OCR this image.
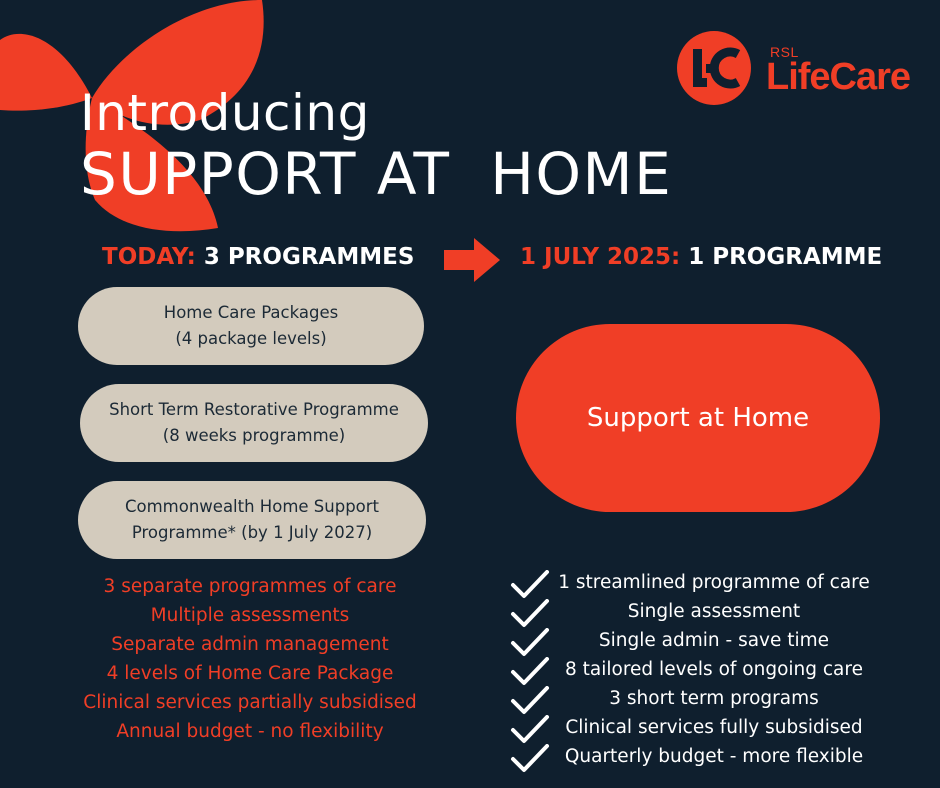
Introducing
SUPPORT AT  HOME
RSL
LifeCare
TODAY: 3 PROGRAMMES	1 JULY 2025: 1 PROGRAMME
Home Care Packages
(4 package levels)
Short Term Restorative Programme
(8 weeks programme)
Commonwealth Home Support
Programme* (by 1 July 2027)
Support at Home
3 separate programmes of care
Multiple assessments
Separate admin management
4 levels of Home Care Package
Clinical services partially subsidised
Annual budget - no flexibility
1 streamlined programme of care
Single assessment
Single admin - save time
8 tailored levels of ongoing care
3 short term programs
Clinical services fully subsidised
Quarterly budget - more flexible
